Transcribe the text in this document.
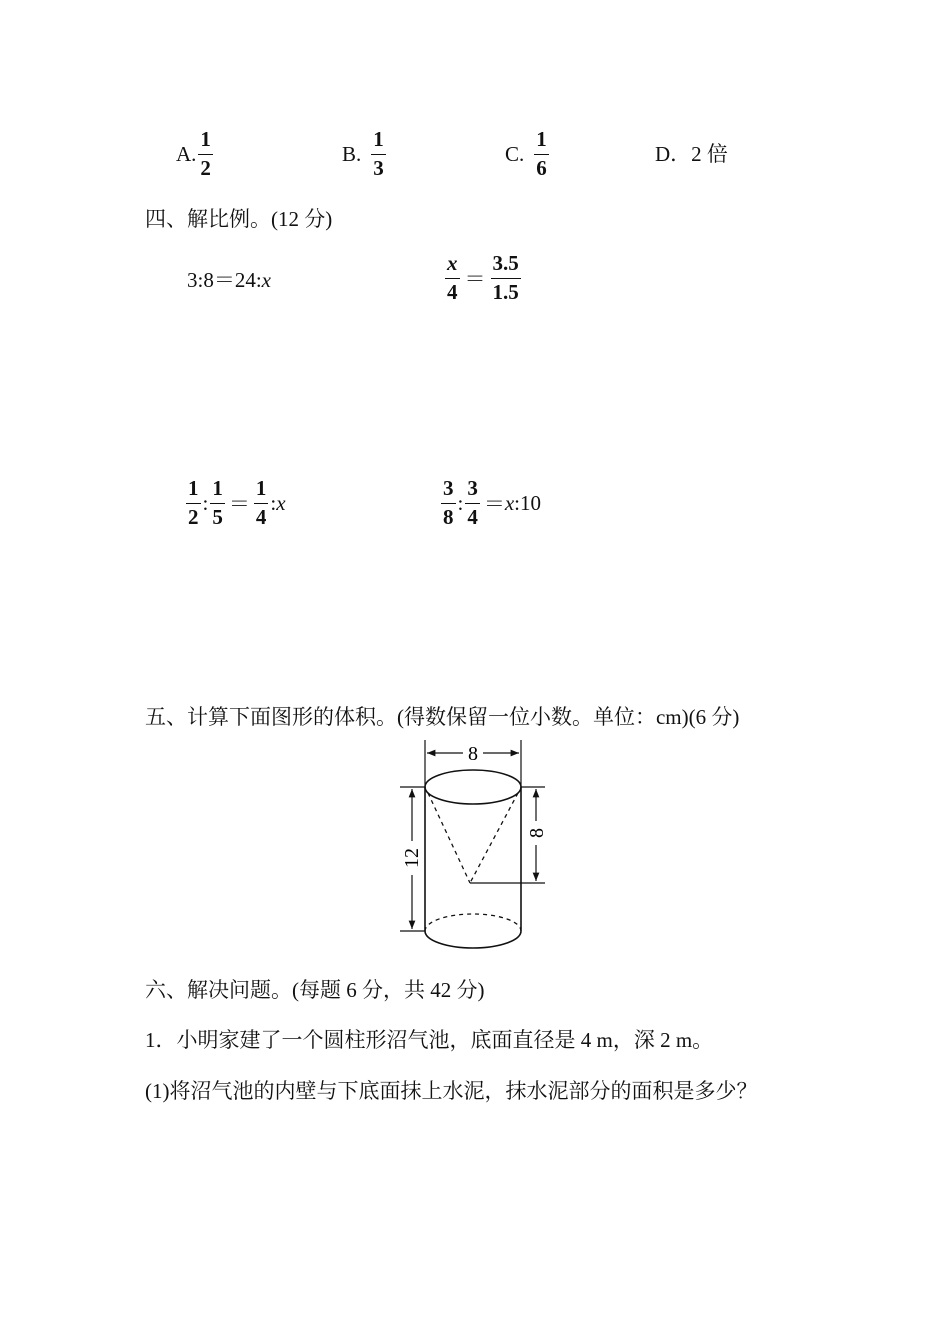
A. $\frac{1}{2}$	B. $\frac{1}{3}$	C. $\frac{1}{6}$	D．2 倍
四、解比例。(12 分)
3:8＝24:x	$\frac{x}{4} = \frac{3.5}{1.5}$
$\frac{1}{2}$ : $\frac{1}{5} = \frac{1}{4}$ : x	$\frac{3}{8}$ : $\frac{3}{4} = x$ :10
五、计算下面图形的体积。(得数保留一位小数。单位：cm)(6 分)
8
12
8
六、解决问题。(每题 6 分，共 42 分)
1．小明家建了一个圆柱形沼气池，底面直径是 4 m，深 2 m。
(1)将沼气池的内壁与下底面抹上水泥，抹水泥部分的面积是多少？
